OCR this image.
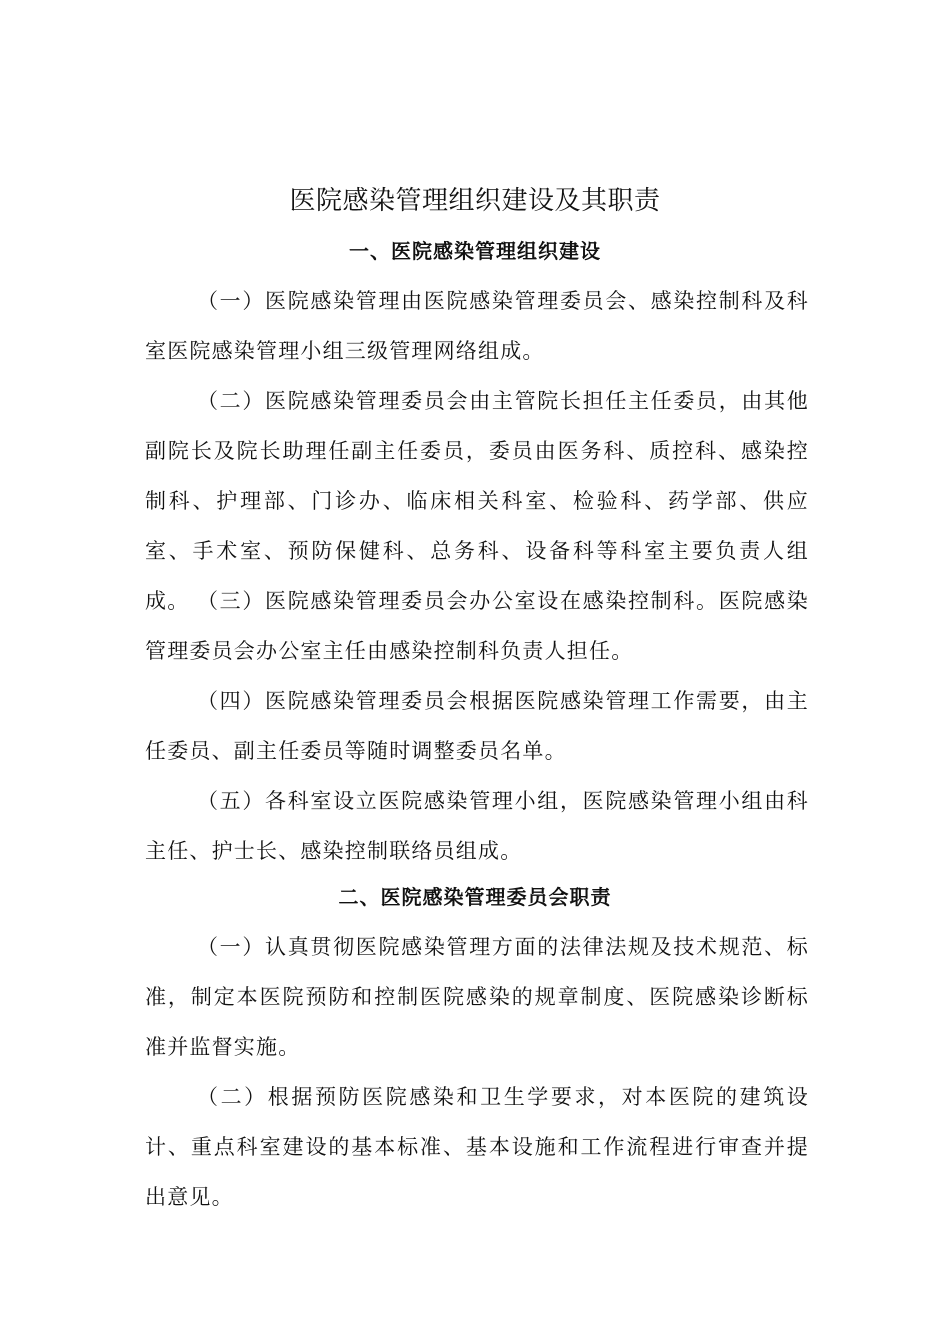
医院感染管理组织建设及其职责
一、医院感染管理组织建设

（一）医院感染管理由医院感染管理委员会、感染控制科及科室医院感染管理小组三级管理网络组成。

（二）医院感染管理委员会由主管院长担任主任委员，由其他副院长及院长助理任副主任委员，委员由医务科、质控科、感染控制科、护理部、门诊办、临床相关科室、检验科、药学部、供应室、手术室、预防保健科、总务科、设备科等科室主要负责人组成。 （三）医院感染管理委员会办公室设在感染控制科。医院感染管理委员会办公室主任由感染控制科负责人担任。

（四）医院感染管理委员会根据医院感染管理工作需要，由主任委员、副主任委员等随时调整委员名单。

（五）各科室设立医院感染管理小组，医院感染管理小组由科主任、护士长、感染控制联络员组成。

二、医院感染管理委员会职责

（一）认真贯彻医院感染管理方面的法律法规及技术规范、标准，制定本医院预防和控制医院感染的规章制度、医院感染诊断标准并监督实施。

（二）根据预防医院感染和卫生学要求，对本医院的建筑设计、重点科室建设的基本标准、基本设施和工作流程进行审查并提出意见。
